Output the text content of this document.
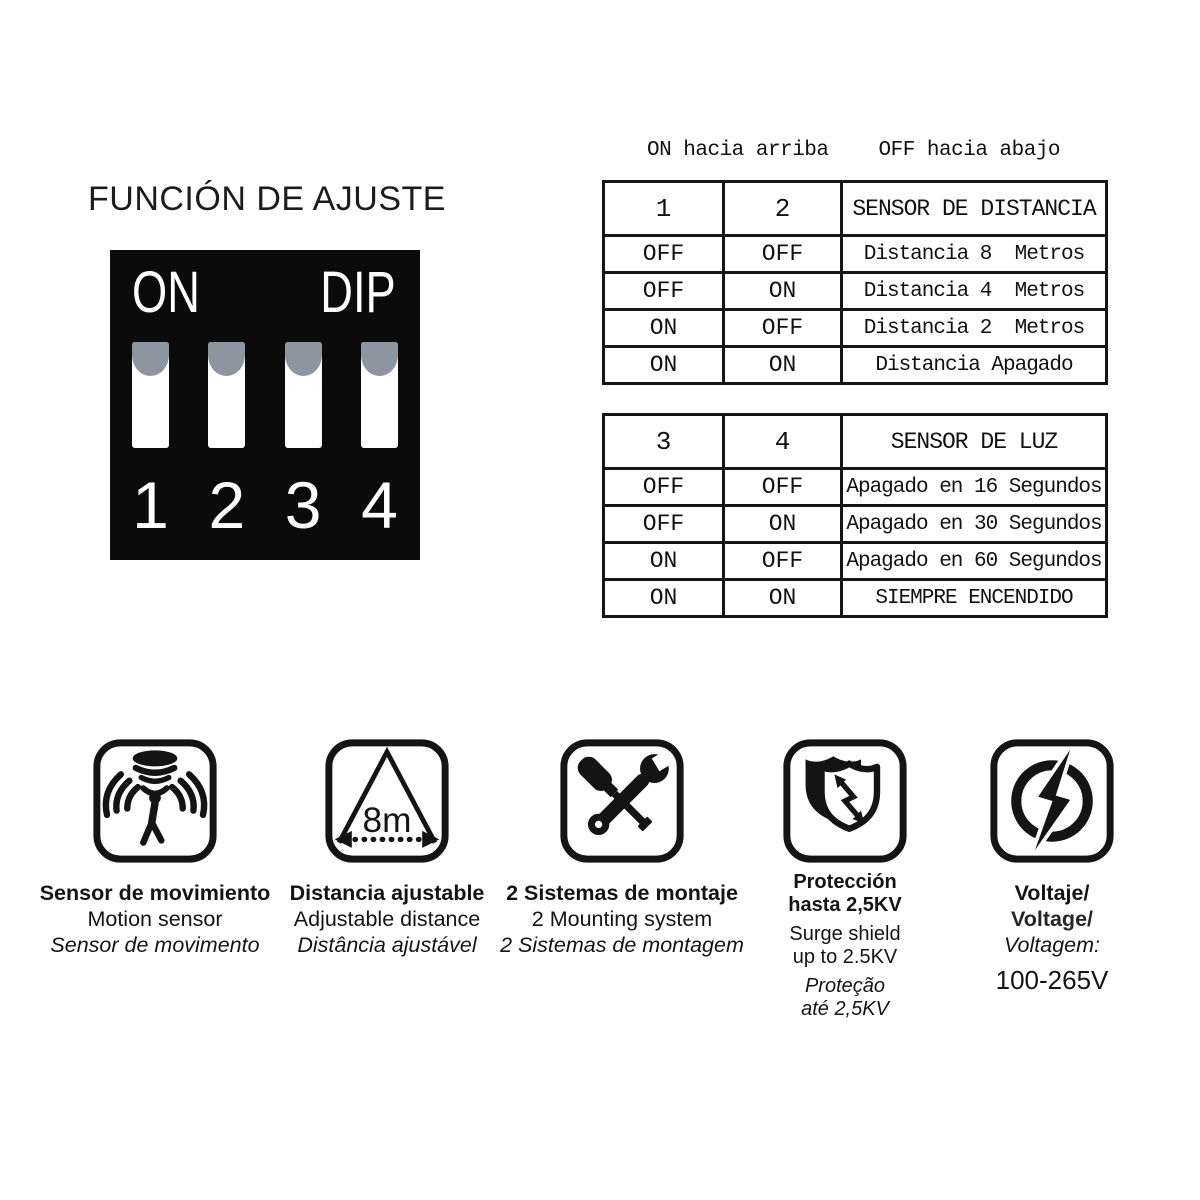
FUNCIÓN DE AJUSTE
ON DIP
1 2 3 4
ON hacia arriba OFF hacia abajo
1	2	SENSOR DE DISTANCIA
OFF	OFF	Distancia 8  Metros
OFF	ON	Distancia 4  Metros
ON	OFF	Distancia 2  Metros
ON	ON	Distancia Apagado
3	4	SENSOR DE LUZ
OFF	OFF	Apagado en 16 Segundos
OFF	ON	Apagado en 30 Segundos
ON	OFF	Apagado en 60 Segundos
ON	ON	SIEMPRE ENCENDIDO
Sensor de movimiento
Motion sensor
Sensor de movimento
8m
Distancia ajustable
Adjustable distance
Distância ajustável
2 Sistemas de montaje
2 Mounting system
2 Sistemas de montagem
Protección
hasta 2,5KV
Surge shield
up to 2.5KV
Proteção
até 2,5KV
Voltaje/
Voltage/
Voltagem:
100-265V
